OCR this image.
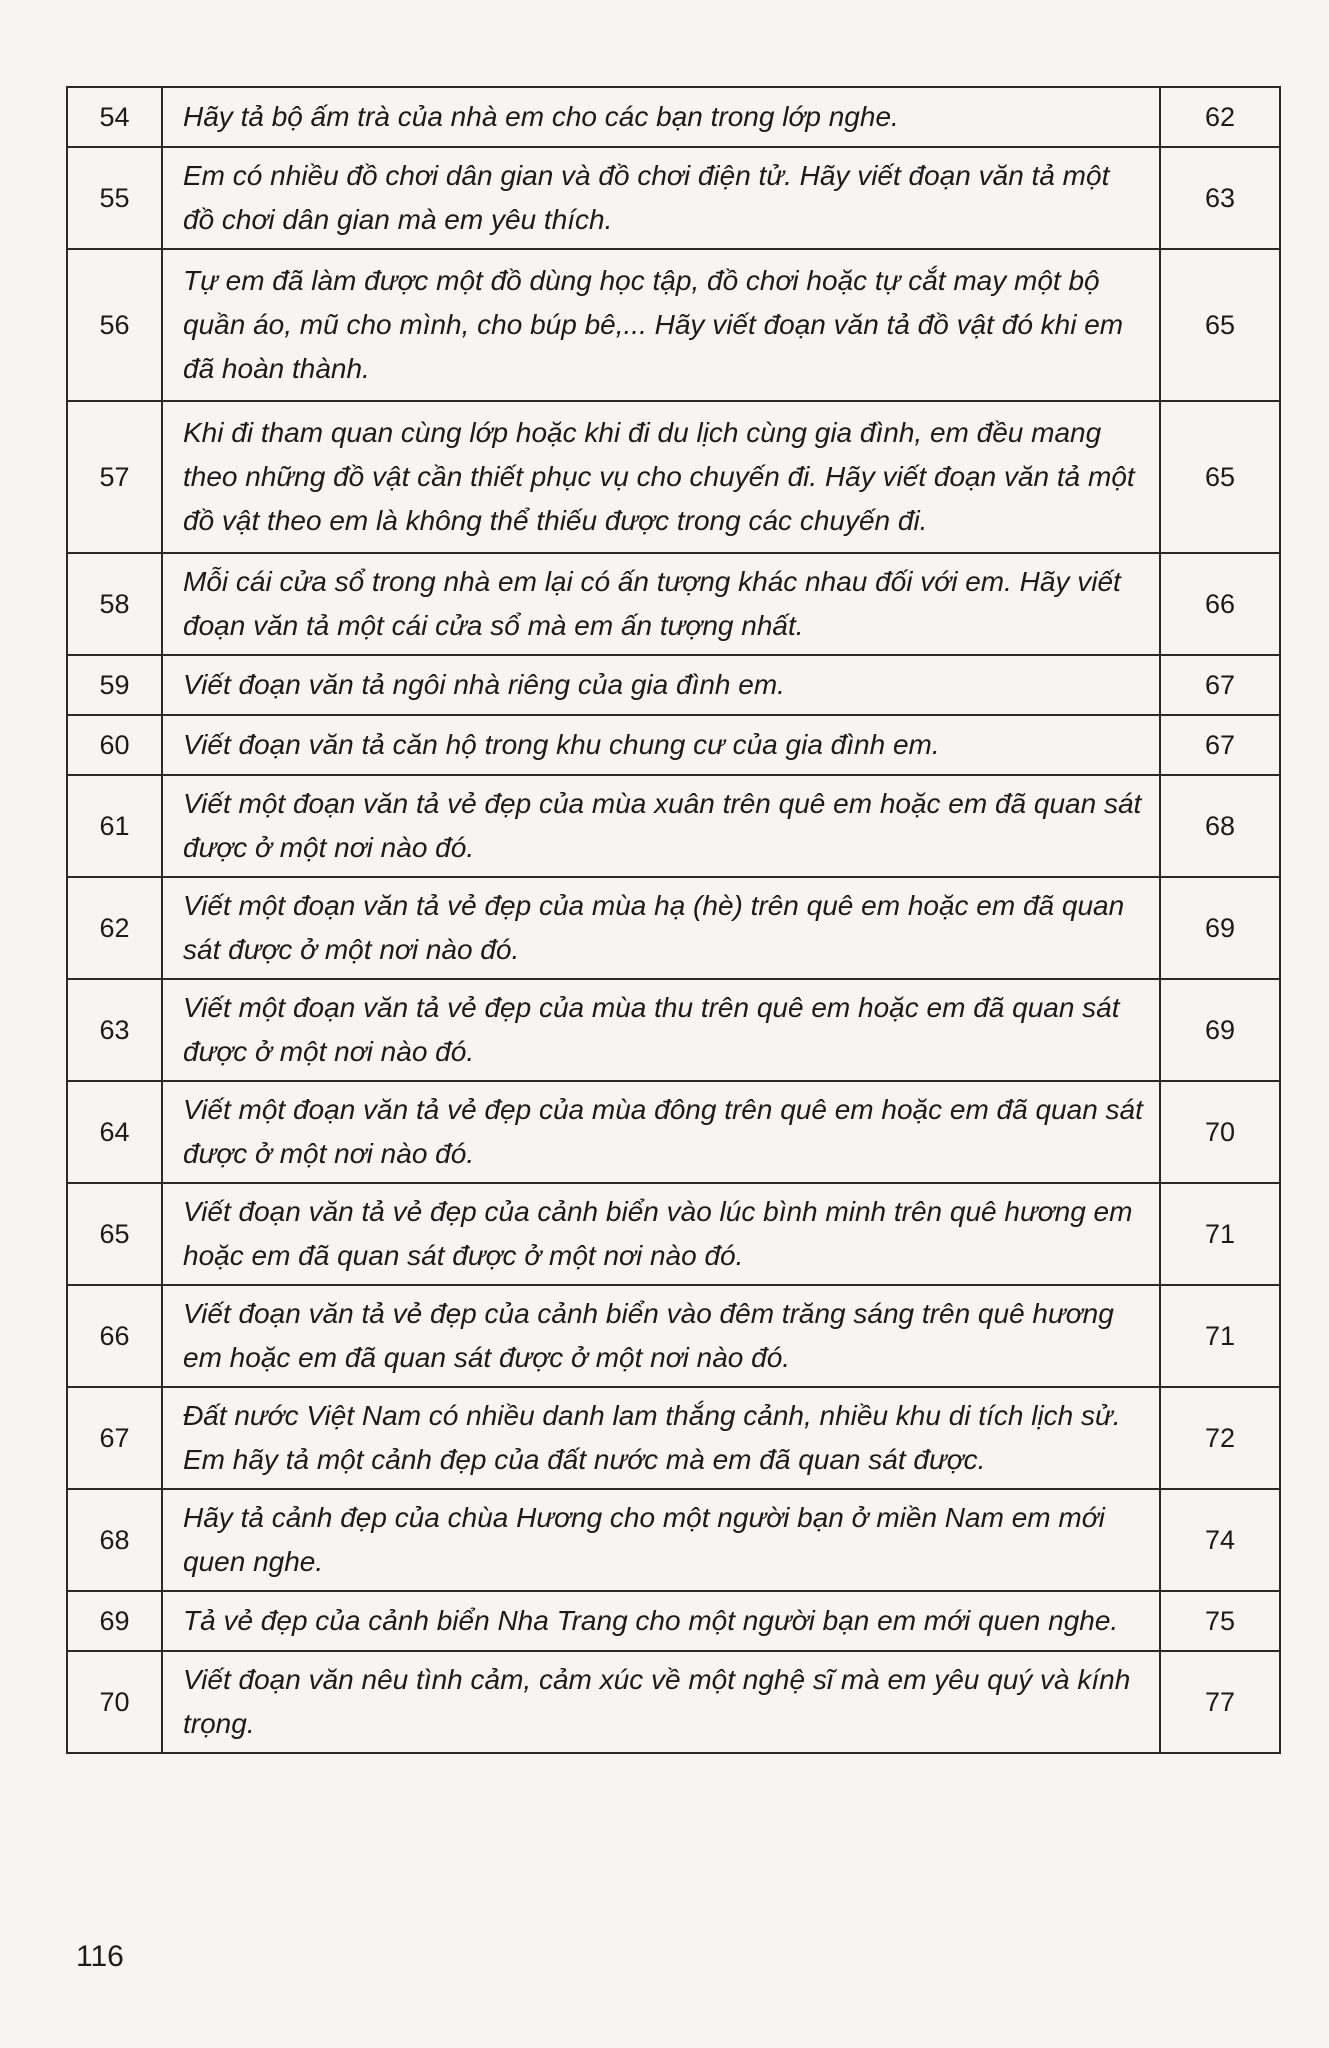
54	Hãy tả bộ ấm trà của nhà em cho các bạn trong lớp nghe.	62
55	Em có nhiều đồ chơi dân gian và đồ chơi điện tử. Hãy viết đoạn văn tả một đồ chơi dân gian mà em yêu thích.	63
56	Tự em đã làm được một đồ dùng học tập, đồ chơi hoặc tự cắt may một bộ quần áo, mũ cho mình, cho búp bê,... Hãy viết đoạn văn tả đồ vật đó khi em đã hoàn thành.	65
57	Khi đi tham quan cùng lớp hoặc khi đi du lịch cùng gia đình, em đều mang theo những đồ vật cần thiết phục vụ cho chuyến đi. Hãy viết đoạn văn tả một đồ vật theo em là không thể thiếu được trong các chuyến đi.	65
58	Mỗi cái cửa sổ trong nhà em lại có ấn tượng khác nhau đối với em. Hãy viết đoạn văn tả một cái cửa sổ mà em ấn tượng nhất.	66
59	Viết đoạn văn tả ngôi nhà riêng của gia đình em.	67
60	Viết đoạn văn tả căn hộ trong khu chung cư của gia đình em.	67
61	Viết một đoạn văn tả vẻ đẹp của mùa xuân trên quê em hoặc em đã quan sát được ở một nơi nào đó.	68
62	Viết một đoạn văn tả vẻ đẹp của mùa hạ (hè) trên quê em hoặc em đã quan sát được ở một nơi nào đó.	69
63	Viết một đoạn văn tả vẻ đẹp của mùa thu trên quê em hoặc em đã quan sát được ở một nơi nào đó.	69
64	Viết một đoạn văn tả vẻ đẹp của mùa đông trên quê em hoặc em đã quan sát được ở một nơi nào đó.	70
65	Viết đoạn văn tả vẻ đẹp của cảnh biển vào lúc bình minh trên quê hương em hoặc em đã quan sát được ở một nơi nào đó.	71
66	Viết đoạn văn tả vẻ đẹp của cảnh biển vào đêm trăng sáng trên quê hương em hoặc em đã quan sát được ở một nơi nào đó.	71
67	Đất nước Việt Nam có nhiều danh lam thắng cảnh, nhiều khu di tích lịch sử. Em hãy tả một cảnh đẹp của đất nước mà em đã quan sát được.	72
68	Hãy tả cảnh đẹp của chùa Hương cho một người bạn ở miền Nam em mới quen nghe.	74
69	Tả vẻ đẹp của cảnh biển Nha Trang cho một người bạn em mới quen nghe.	75
70	Viết đoạn văn nêu tình cảm, cảm xúc về một nghệ sĩ mà em yêu quý và kính trọng.	77
116
